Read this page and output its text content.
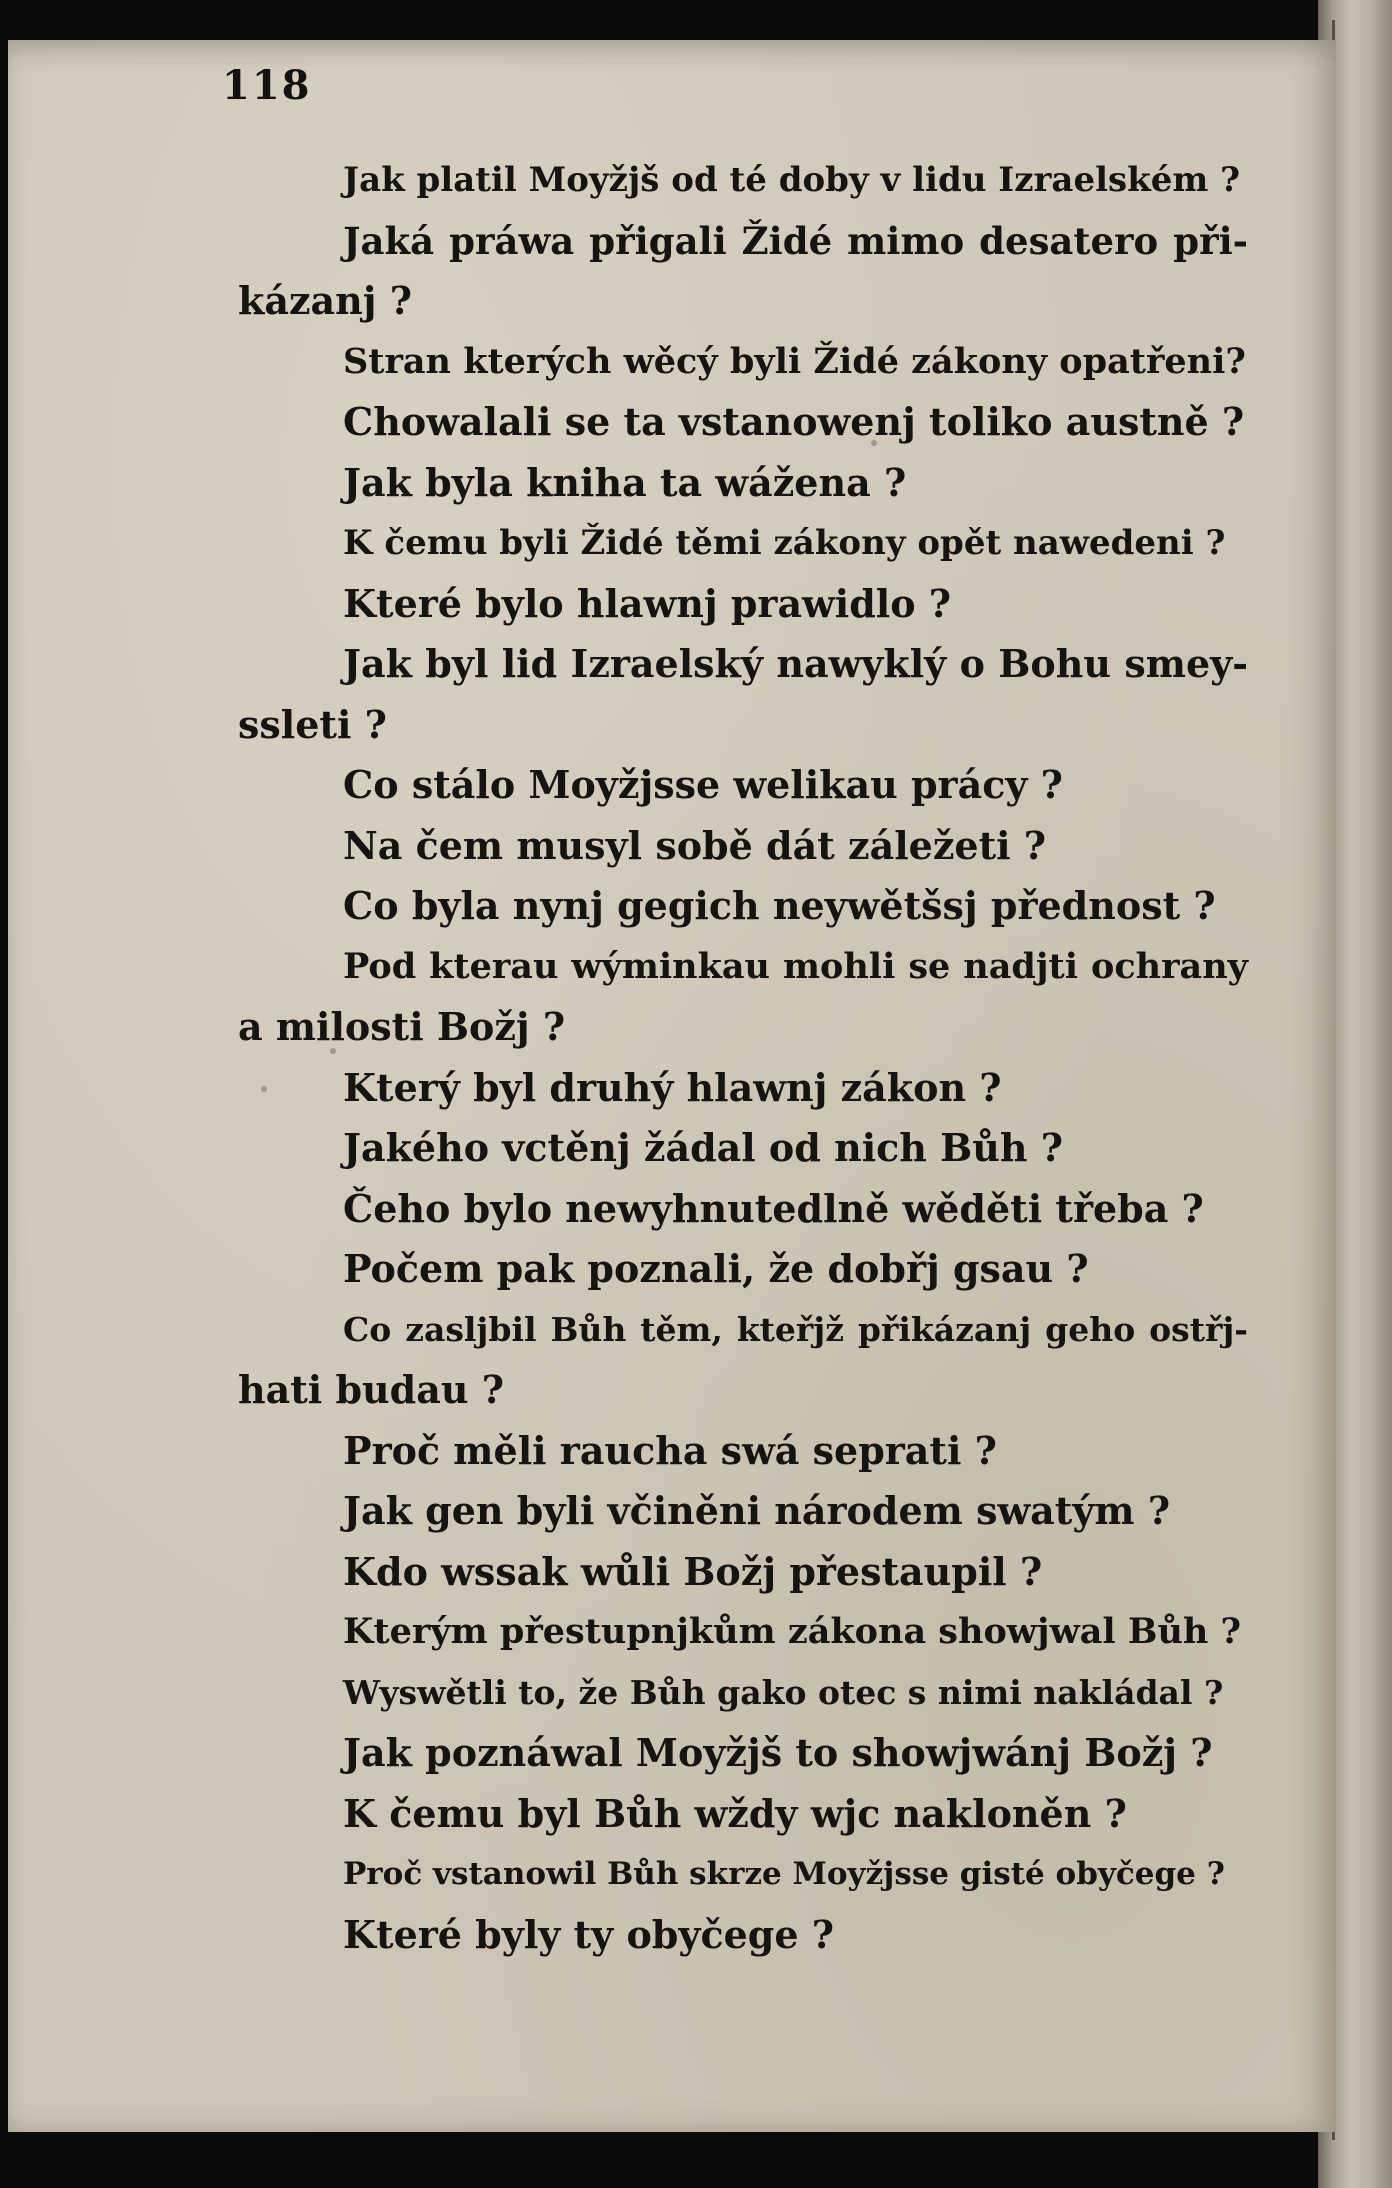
118
Jak platil Moyžjš od té doby v lidu Izraelském ?
Jaká práwa přigali Židé mimo desatero při-
kázanj ?
Stran kterých wěcý byli Židé zákony opatřeni?
Chowalali se ta vstanowenj toliko austně ?
Jak byla kniha ta wážena ?
K čemu byli Židé těmi zákony opět nawedeni ?
Které bylo hlawnj prawidlo ?
Jak byl lid Izraelský nawyklý o Bohu smey-
ssleti ?
Co stálo Moyžjsse welikau prácy ?
Na čem musyl sobě dát záležeti ?
Co byla nynj gegich neywětšsj přednost ?
Pod kterau wýminkau mohli se nadjti ochrany
a milosti Božj ?
Který byl druhý hlawnj zákon ?
Jakého vctěnj žádal od nich Bůh ?
Čeho bylo newyhnutedlně wěděti třeba ?
Počem pak poznali, že dobřj gsau ?
Co zaslјbil Bůh těm, kteřjž přikázanj geho ostřj-
hati budau ?
Proč měli raucha swá seprati ?
Jak gen byli včiněni národem swatým ?
Kdo wssak wůli Božj přestaupil ?
Kterým přestupnjkům zákona showjwal Bůh ?
Wyswětli to, že Bůh gako otec s nimi nakládal ?
Jak poznáwal Moyžjš to showjwánj Božj ?
K čemu byl Bůh wždy wjc nakloněn ?
Proč vstanowil Bůh skrze Moyžjsse gisté obyčege ?
Které byly ty obyčege ?
